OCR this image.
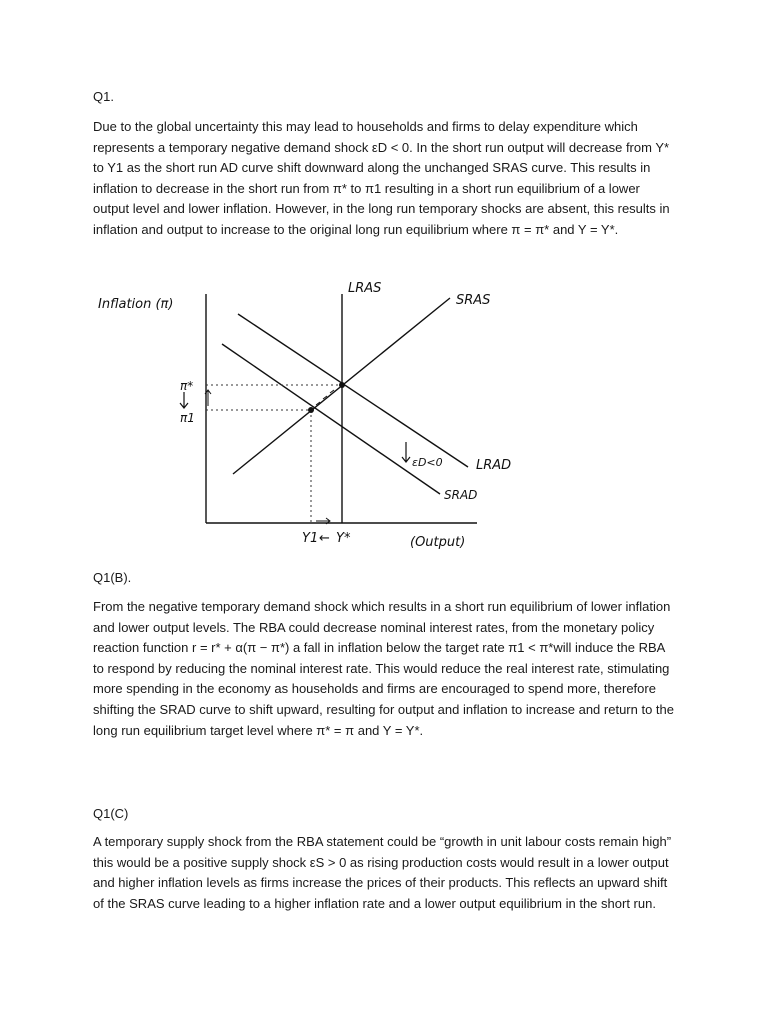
Q1.
Due to the global uncertainty this may lead to households and firms to delay expenditure which represents a temporary negative demand shock εD < 0. In the short run output will decrease from Y* to Y1 as the short run AD curve shift downward along the unchanged SRAS curve. This results in inflation to decrease in the short run from π* to π1 resulting in a short run equilibrium of a lower output level and lower inflation. However, in the long run temporary shocks are absent, this results in inflation and output to increase to the original long run equilibrium where π = π* and Y = Y*.
Inflation (π)
LRAS
SRAS
LRAD
SRAD
εD<0
π*
π1
Y1 ← Y*	(Output)
Q1(B).
From the negative temporary demand shock which results in a short run equilibrium of lower inflation and lower output levels. The RBA could decrease nominal interest rates, from the monetary policy reaction function r = r* + α(π − π*) a fall in inflation below the target rate π1 < π*will induce the RBA to respond by reducing the nominal interest rate. This would reduce the real interest rate, stimulating more spending in the economy as households and firms are encouraged to spend more, therefore shifting the SRAD curve to shift upward, resulting for output and inflation to increase and return to the long run equilibrium target level where π* = π and Y = Y*.
Q1(C)
A temporary supply shock from the RBA statement could be “growth in unit labour costs remain high” this would be a positive supply shock εS > 0 as rising production costs would result in a lower output and higher inflation levels as firms increase the prices of their products. This reflects an upward shift of the SRAS curve leading to a higher inflation rate and a lower output equilibrium in the short run.
